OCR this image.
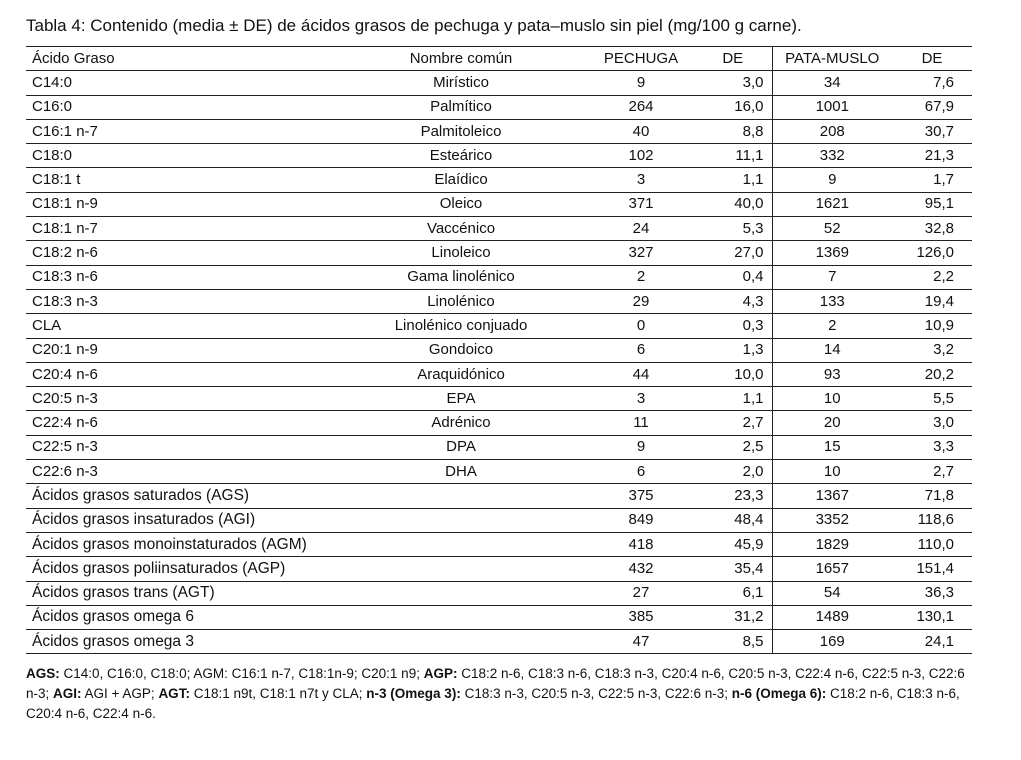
Tabla 4: Contenido (media ± DE) de ácidos grasos de pechuga y pata–muslo sin piel (mg/100 g carne).
Ácido Graso	Nombre común	PECHUGA	DE	PATA-MUSLO	DE
C14:0	Mirístico	9	3,0	34	7,6
C16:0	Palmítico	264	16,0	1001	67,9
C16:1 n-7	Palmitoleico	40	8,8	208	30,7
C18:0	Esteárico	102	11,1	332	21,3
C18:1 t	Elaídico	3	1,1	9	1,7
C18:1 n-9	Oleico	371	40,0	1621	95,1
C18:1 n-7	Vaccénico	24	5,3	52	32,8
C18:2 n-6	Linoleico	327	27,0	1369	126,0
C18:3 n-6	Gama linolénico	2	0,4	7	2,2
C18:3 n-3	Linolénico	29	4,3	133	19,4
CLA	Linolénico conjuado	0	0,3	2	10,9
C20:1 n-9	Gondoico	6	1,3	14	3,2
C20:4 n-6	Araquidónico	44	10,0	93	20,2
C20:5 n-3	EPA	3	1,1	10	5,5
C22:4 n-6	Adrénico	11	2,7	20	3,0
C22:5 n-3	DPA	9	2,5	15	3,3
C22:6 n-3	DHA	6	2,0	10	2,7
Ácidos grasos saturados (AGS)		375	23,3	1367	71,8
Ácidos grasos insaturados (AGI)		849	48,4	3352	118,6
Ácidos grasos monoinstaturados (AGM)		418	45,9	1829	110,0
Ácidos grasos poliinsaturados (AGP)		432	35,4	1657	151,4
Ácidos grasos trans (AGT)		27	6,1	54	36,3
Ácidos grasos omega 6		385	31,2	1489	130,1
Ácidos grasos omega 3		47	8,5	169	24,1
AGS: C14:0, C16:0, C18:0; AGM: C16:1 n-7, C18:1n-9; C20:1 n9; AGP: C18:2 n-6, C18:3 n-6, C18:3 n-3, C20:4 n-6, C20:5 n-3, C22:4 n-6, C22:5 n-3, C22:6 n-3; AGI: AGI + AGP; AGT: C18:1 n9t, C18:1 n7t y CLA; n-3 (Omega 3): C18:3 n-3, C20:5 n-3, C22:5 n-3, C22:6 n-3; n-6 (Omega 6): C18:2 n-6, C18:3 n-6, C20:4 n-6, C22:4 n-6.
